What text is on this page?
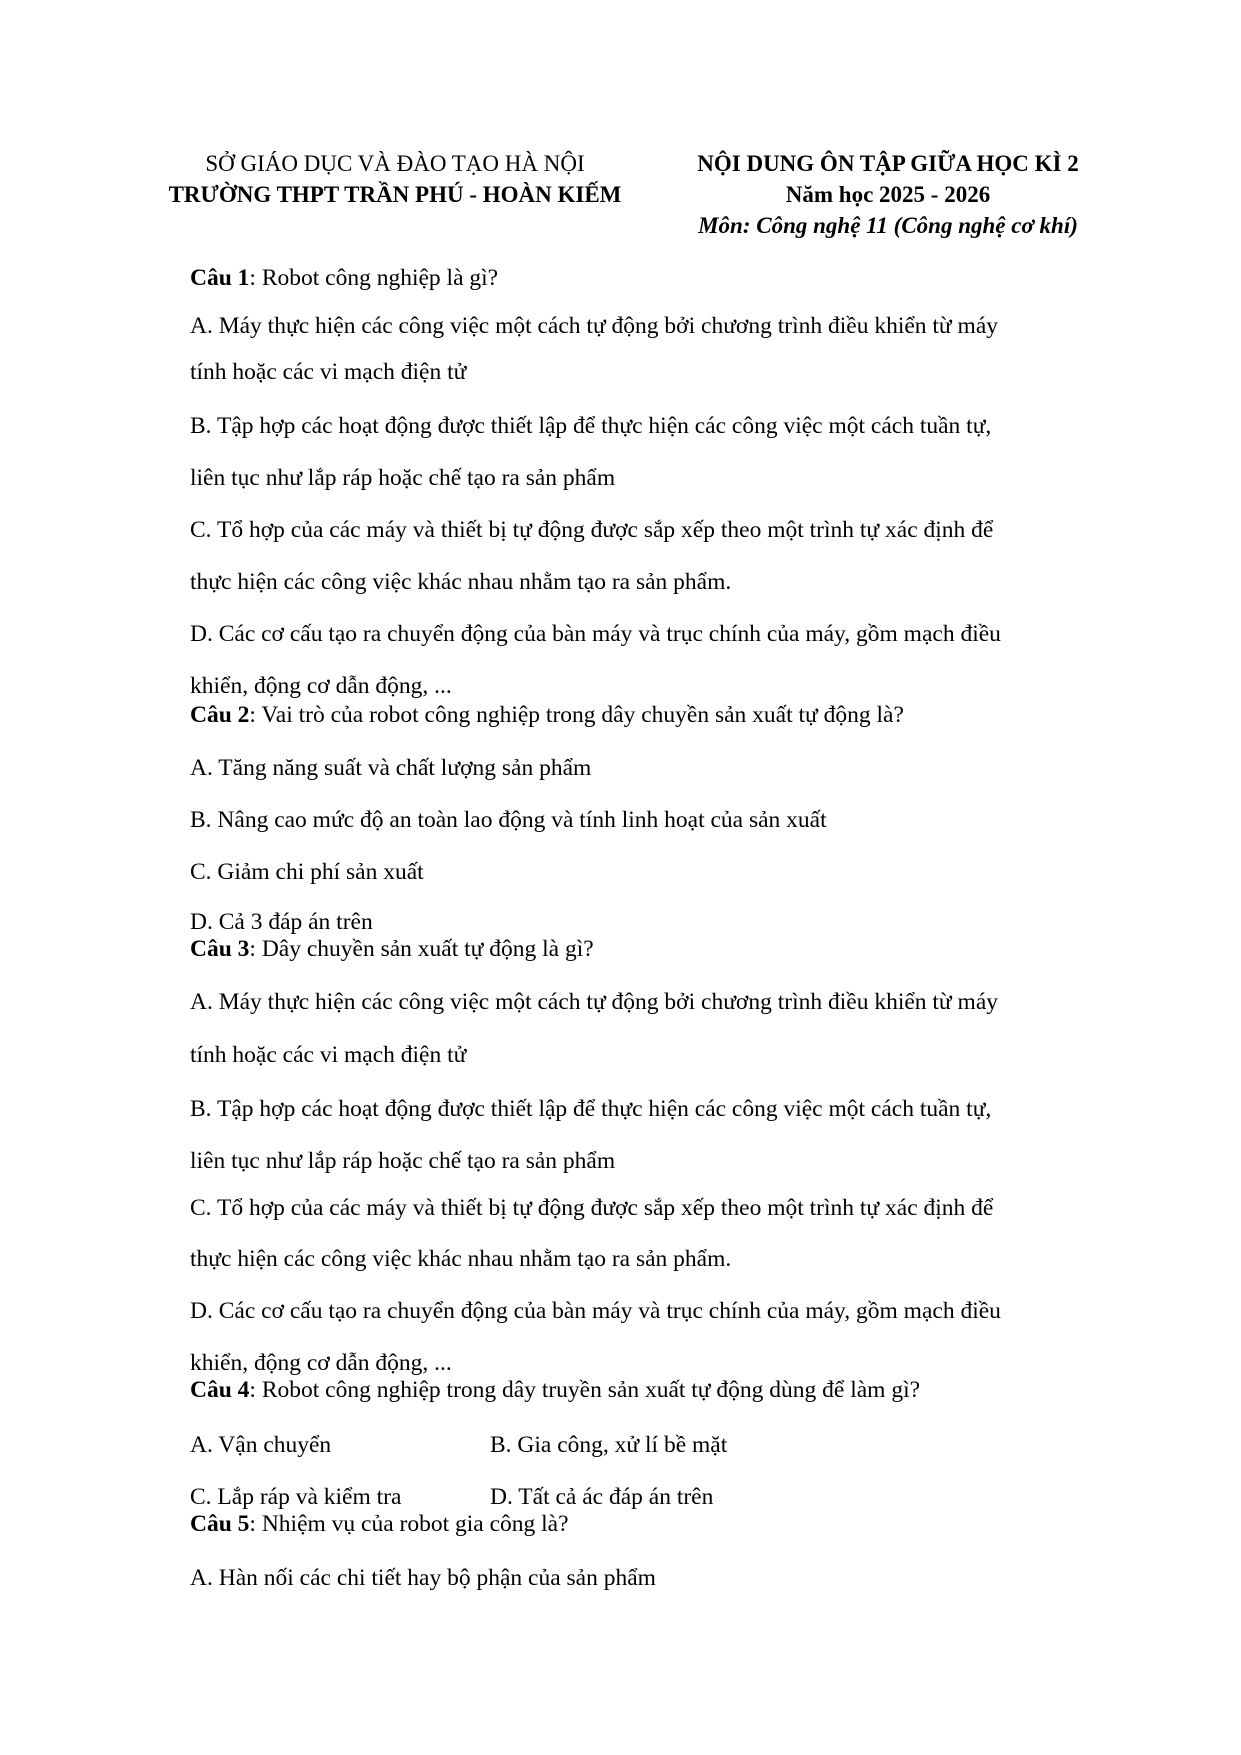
SỞ GIÁO DỤC VÀ ĐÀO TẠO HÀ NỘI
TRƯỜNG THPT TRẦN PHÚ - HOÀN KIẾM
NỘI DUNG ÔN TẬP GIỮA HỌC KÌ 2
Năm học 2025 - 2026
Môn: Công nghệ 11 (Công nghệ cơ khí)
Câu 1: Robot công nghiệp là gì?
A. Máy thực hiện các công việc một cách tự động bởi chương trình điều khiển từ máy
tính hoặc các vi mạch điện tử
B. Tập hợp các hoạt động được thiết lập để thực hiện các công việc một cách tuần tự,
liên tục như lắp ráp hoặc chế tạo ra sản phẩm
C. Tổ hợp của các máy và thiết bị tự động được sắp xếp theo một trình tự xác định để
thực hiện các công việc khác nhau nhằm tạo ra sản phẩm.
D. Các cơ cấu tạo ra chuyển động của bàn máy và trục chính của máy, gồm mạch điều
khiển, động cơ dẫn động, ...
Câu 2: Vai trò của robot công nghiệp trong dây chuyền sản xuất tự động là?
A. Tăng năng suất và chất lượng sản phẩm
B. Nâng cao mức độ an toàn lao động và tính linh hoạt của sản xuất
C. Giảm chi phí sản xuất
D. Cả 3 đáp án trên
Câu 3: Dây chuyền sản xuất tự động là gì?
A. Máy thực hiện các công việc một cách tự động bởi chương trình điều khiển từ máy
tính hoặc các vi mạch điện tử
B. Tập hợp các hoạt động được thiết lập để thực hiện các công việc một cách tuần tự,
liên tục như lắp ráp hoặc chế tạo ra sản phẩm
C. Tổ hợp của các máy và thiết bị tự động được sắp xếp theo một trình tự xác định để
thực hiện các công việc khác nhau nhằm tạo ra sản phẩm.
D. Các cơ cấu tạo ra chuyển động của bàn máy và trục chính của máy, gồm mạch điều
khiển, động cơ dẫn động, ...
Câu 4: Robot công nghiệp trong dây truyền sản xuất tự động dùng để làm gì?
A. Vận chuyển	B. Gia công, xử lí bề mặt
C. Lắp ráp và kiểm tra	D. Tất cả ác đáp án trên
Câu 5: Nhiệm vụ của robot gia công là?
A. Hàn nối các chi tiết hay bộ phận của sản phẩm
